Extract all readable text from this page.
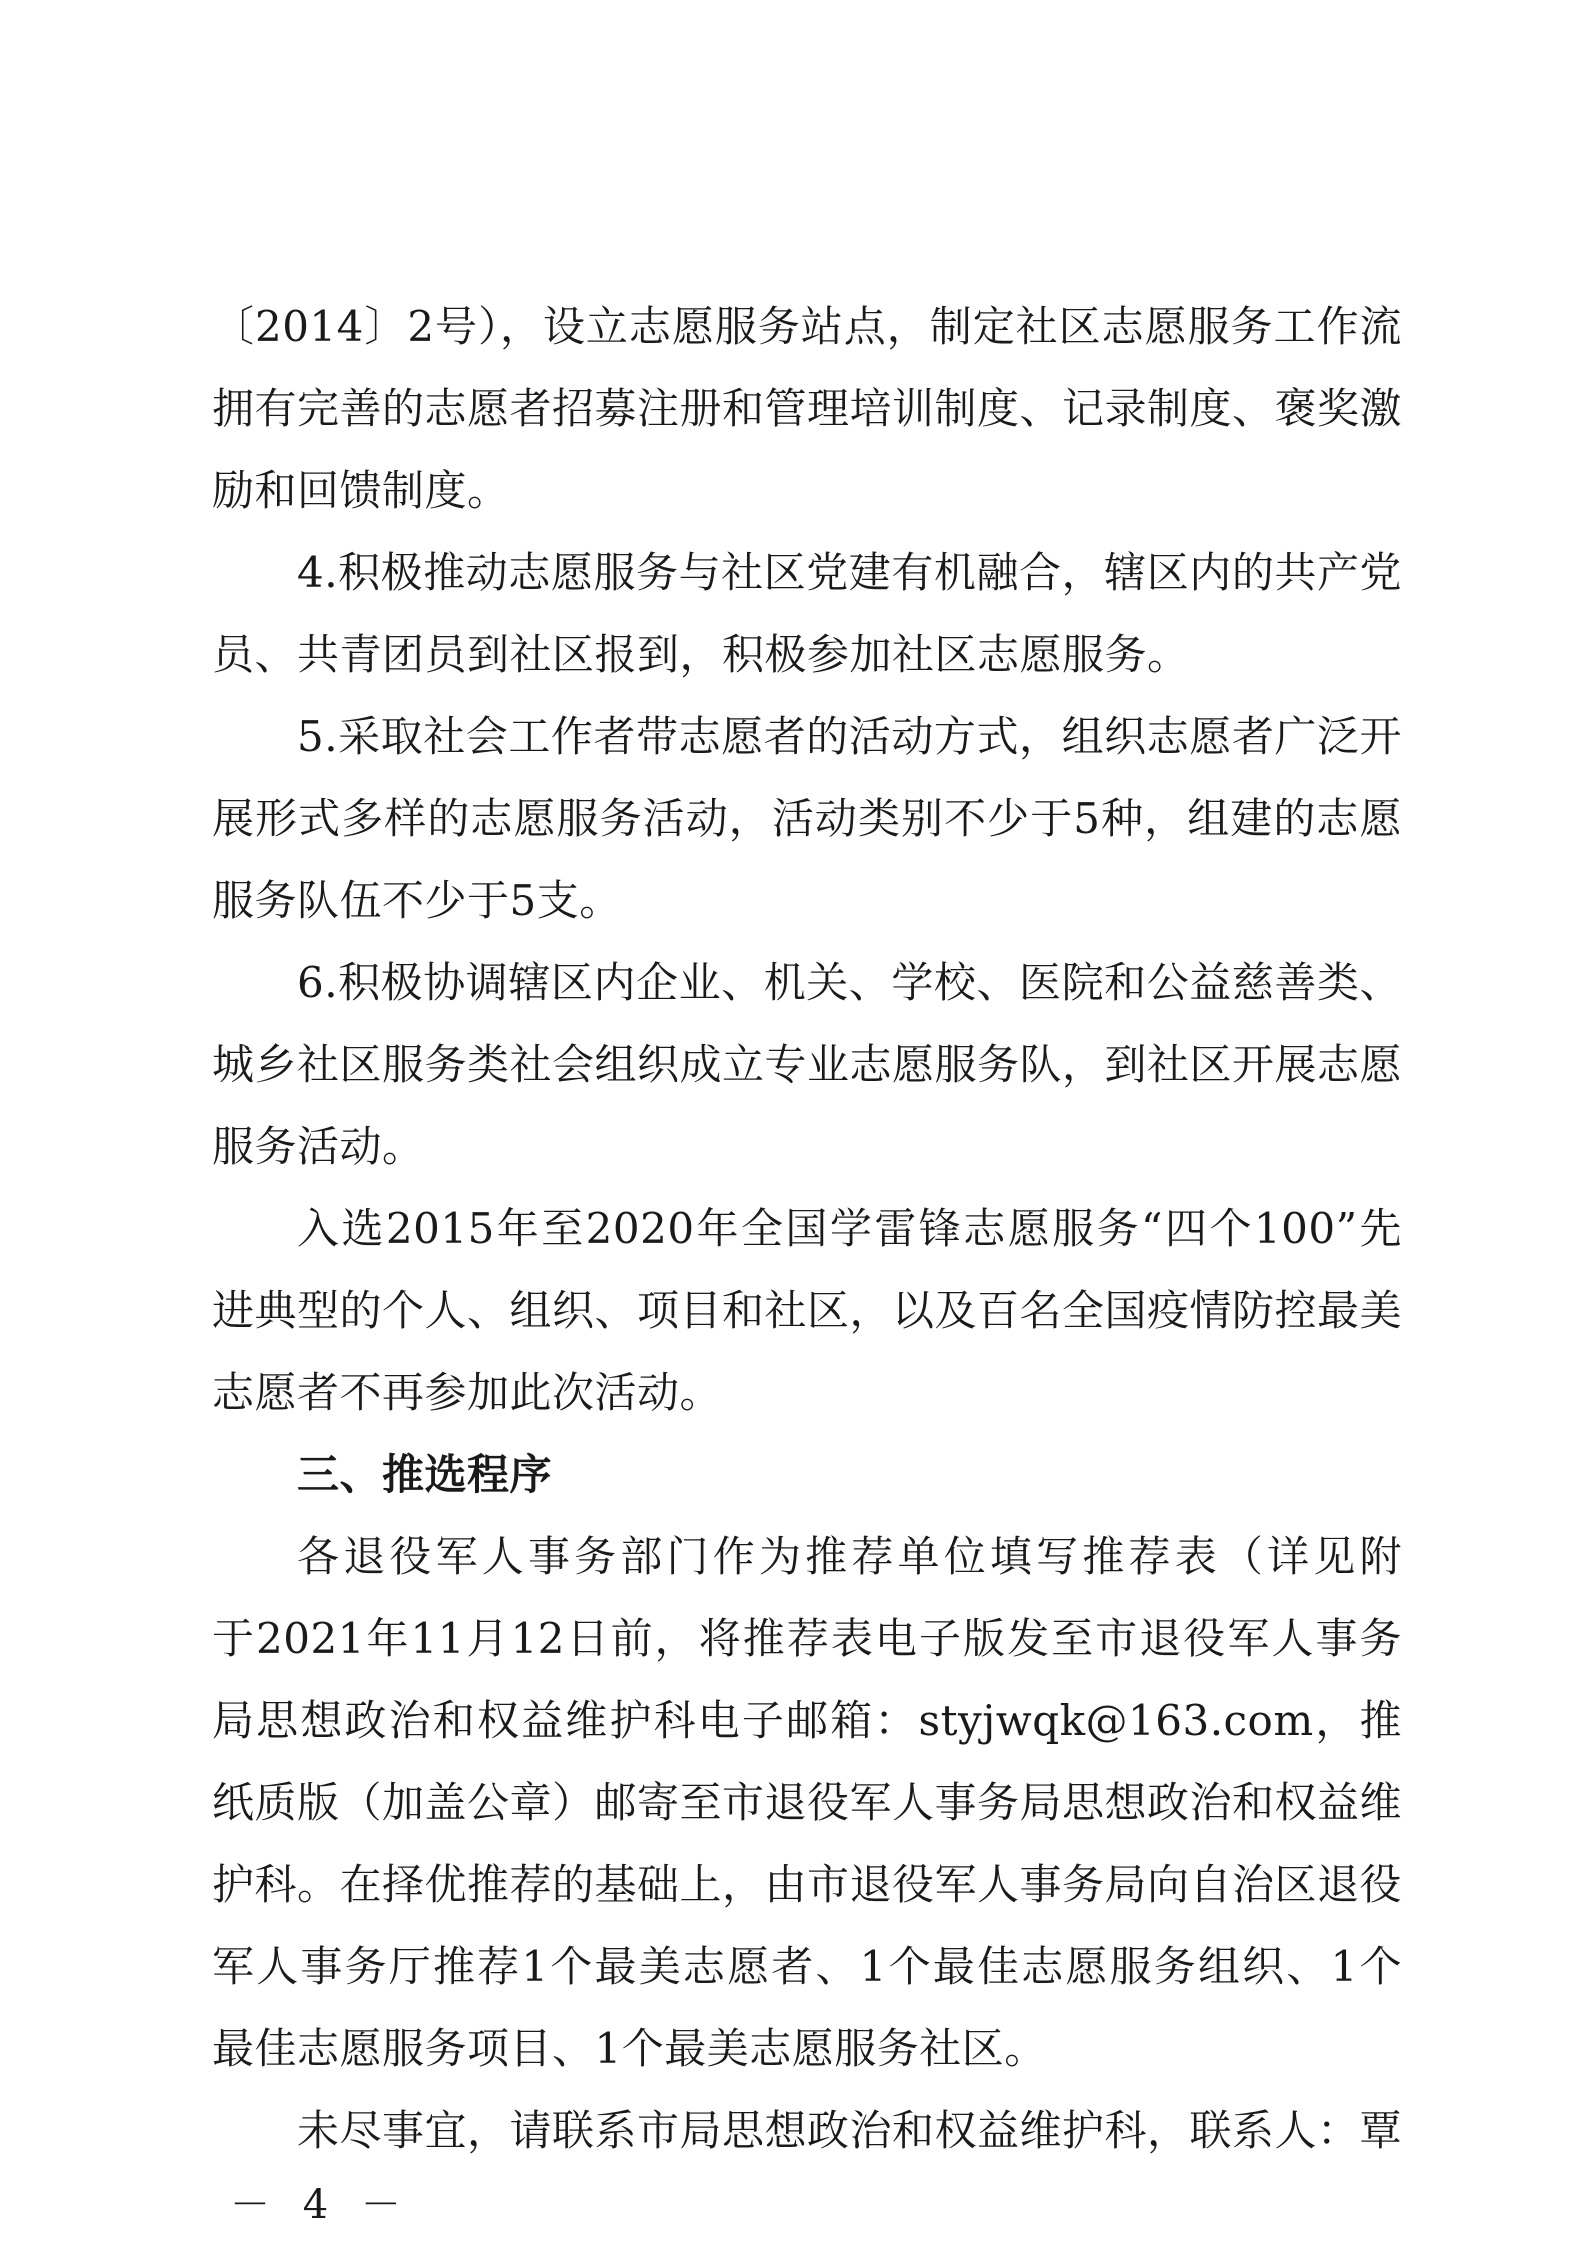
〔2014〕2号），设立志愿服务站点，制定社区志愿服务工作流
拥有完善的志愿者招募注册和管理培训制度、记录制度、褒奖激
励和回馈制度。
4.积极推动志愿服务与社区党建有机融合，辖区内的共产党
员、共青团员到社区报到，积极参加社区志愿服务。
5.采取社会工作者带志愿者的活动方式，组织志愿者广泛开
展形式多样的志愿服务活动，活动类别不少于5种，组建的志愿
服务队伍不少于5支。
6.积极协调辖区内企业、机关、学校、医院和公益慈善类、
城乡社区服务类社会组织成立专业志愿服务队，到社区开展志愿
服务活动。
入选2015年至2020年全国学雷锋志愿服务“四个100”先
进典型的个人、组织、项目和社区，以及百名全国疫情防控最美
志愿者不再参加此次活动。
三、推选程序
各退役军人事务部门作为推荐单位填写推荐表（详见附
于2021年11月12日前，将推荐表电子版发至市退役军人事务
局思想政治和权益维护科电子邮箱：styjwqk@163.com，推
纸质版（加盖公章）邮寄至市退役军人事务局思想政治和权益维
护科。在择优推荐的基础上，由市退役军人事务局向自治区退役
军人事务厅推荐1个最美志愿者、1个最佳志愿服务组织、1个
最佳志愿服务项目、1个最美志愿服务社区。
未尽事宜，请联系市局思想政治和权益维护科，联系人：覃
－ 4 －
